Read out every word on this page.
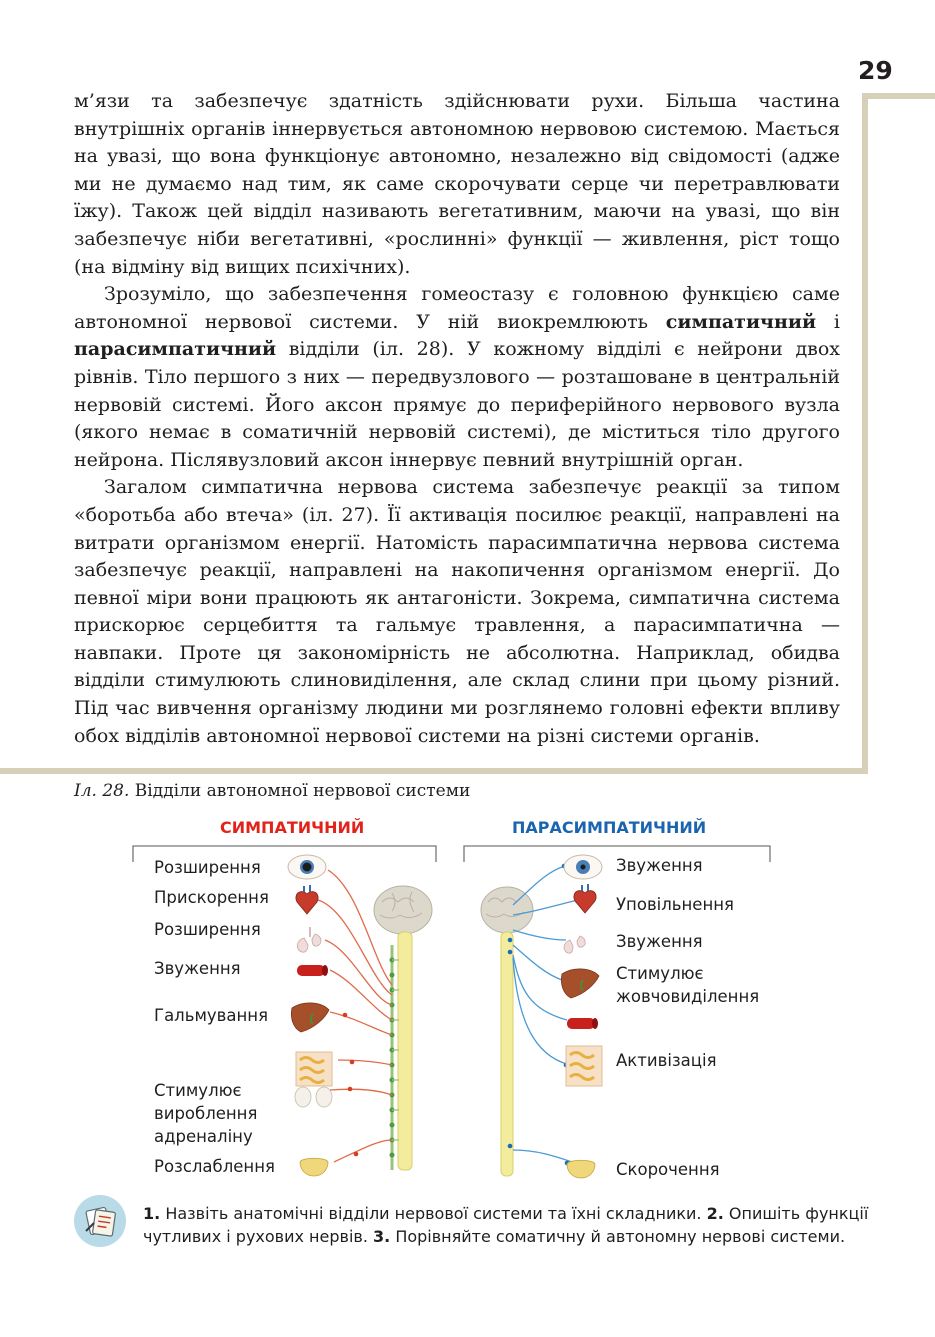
29

м’язи та забезпечує здатність здійснювати рухи. Більша частина внутрішніх органів іннервується автономною нервовою системою. Мається на увазі, що вона функціонує автономно, незалежно від свідомості (адже ми не думаємо над тим, як саме скорочувати серце чи перетравлювати їжу). Також цей відділ називають вегетативним, маючи на увазі, що він забезпечує ніби вегетативні, «рослинні» функції — живлення, ріст тощо (на відміну від вищих психічних).

Зрозуміло, що забезпечення гомеостазу є головною функцією саме автономної нервової системи. У ній виокремлюють симпатичний і парасимпатичний відділи (іл. 28). У кожному відділі є нейрони двох рівнів. Тіло першого з них — передвузлового — розташоване в центральній нервовій системі. Його аксон прямує до периферійного нервового вузла (якого немає в соматичній нервовій системі), де міститься тіло другого нейрона. Післявузловий аксон іннервує певний внутрішній орган.

Загалом симпатична нервова система забезпечує реакції за типом «боротьба або втеча» (іл. 27). Її активація посилює реакції, направлені на витрати організмом енергії. Натомість парасимпатична нервова система забезпечує реакції, направлені на накопичення організмом енергії. До певної міри вони працюють як антагоністи. Зокрема, симпатична система прискорює серцебиття та гальмує травлення, а парасимпатична — навпаки. Проте ця закономірність не абсолютна. Наприклад, обидва відділи стимулюють слиновиділення, але склад слини при цьому різний. Під час вивчення організму людини ми розглянемо головні ефекти впливу обох відділів автономної нервової системи на різні системи органів.

Іл. 28. Відділи автономної нервової системи
СИМПАТИЧНИЙ	ПАРАСИМПАТИЧНИЙ
Розширення
Прискорення
Розширення
Звуження
Гальмування
Стимулює
вироблення
адреналіну
Розслаблення
Звуження
Уповільнення
Звуження
Стимулює
жовчовиділення
Активізація
Скорочення
1. Назвіть анатомічні відділи нервової системи та їхні складники. 2. Опишіть функції чутливих і рухових нервів. 3. Порівняйте соматичну й автономну нервові системи.
